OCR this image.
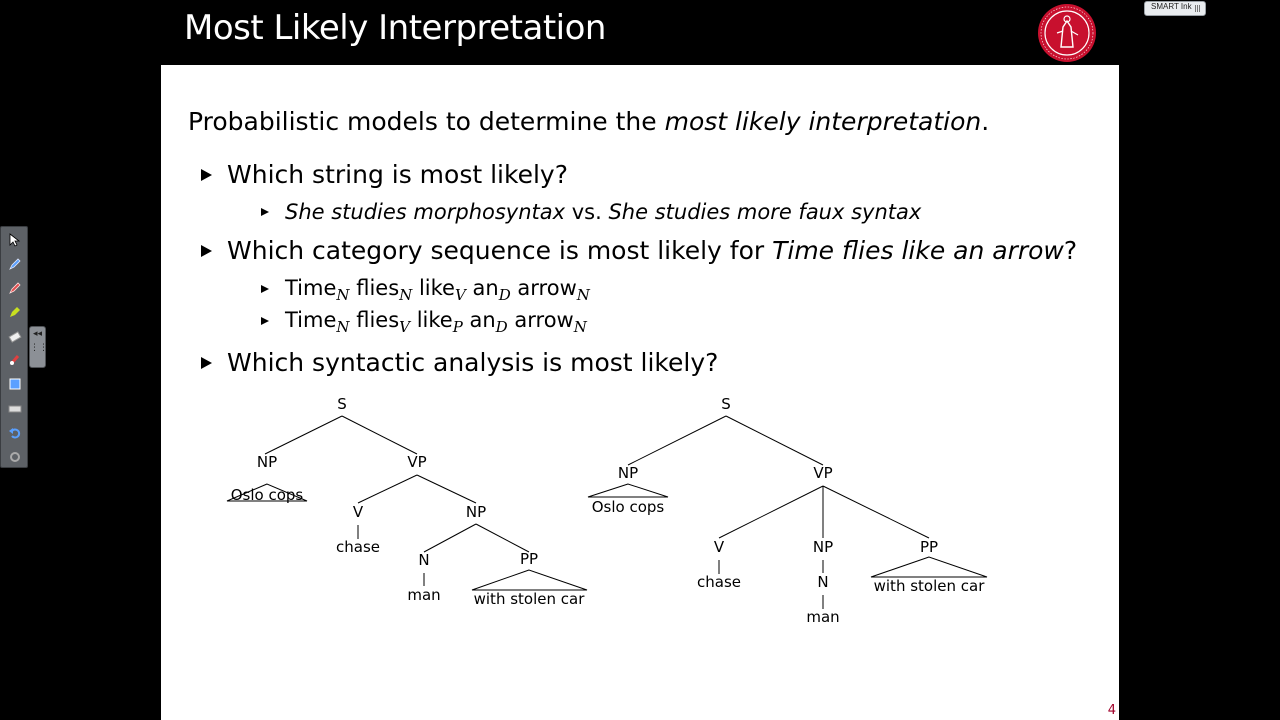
Most Likely Interpretation
SMART Ink
Probabilistic models to determine the most likely interpretation.
Which string is most likely?
She studies morphosyntax vs. She studies more faux syntax
Which category sequence is most likely for Time flies like an arrow?
Time$_N$ flies$_N$ like$_V$ $an_D$ arrow$_N$
Time$_N$ flies$_V$ like$_P$ $an_D$ arrow$_N$
Which syntactic analysis is most likely?
S
NP
Oslo cops
VP
V
chase
NP
N
man
PP
with stolen car
S
NP
Oslo cops
VP
V
chase
NP
N
man
PP
with stolen car
4
◂◂
⋮⋮
